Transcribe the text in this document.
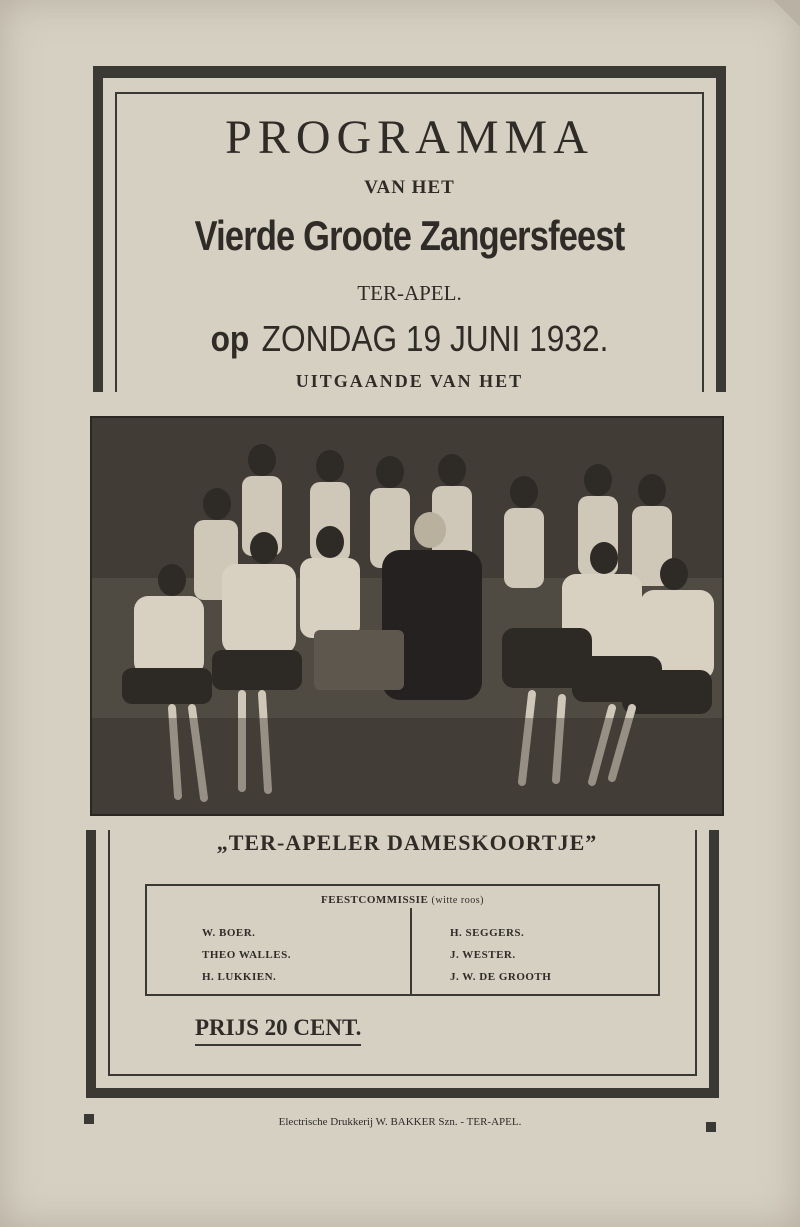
PROGRAMMA
VAN HET
Vierde Groote Zangersfeest
TER-APEL.
op ZONDAG 19 JUNI 1932.
UITGAANDE VAN HET
„TER-APELER DAMESKOORTJE”
FEESTCOMMISSIE (witte roos)
W. BOER.
THEO WALLES.
H. LUKKIEN.
H. SEGGERS.
J. WESTER.
J. W. DE GROOTH
PRIJS 20 CENT.
Electrische Drukkerij W. BAKKER Szn. - TER-APEL.
